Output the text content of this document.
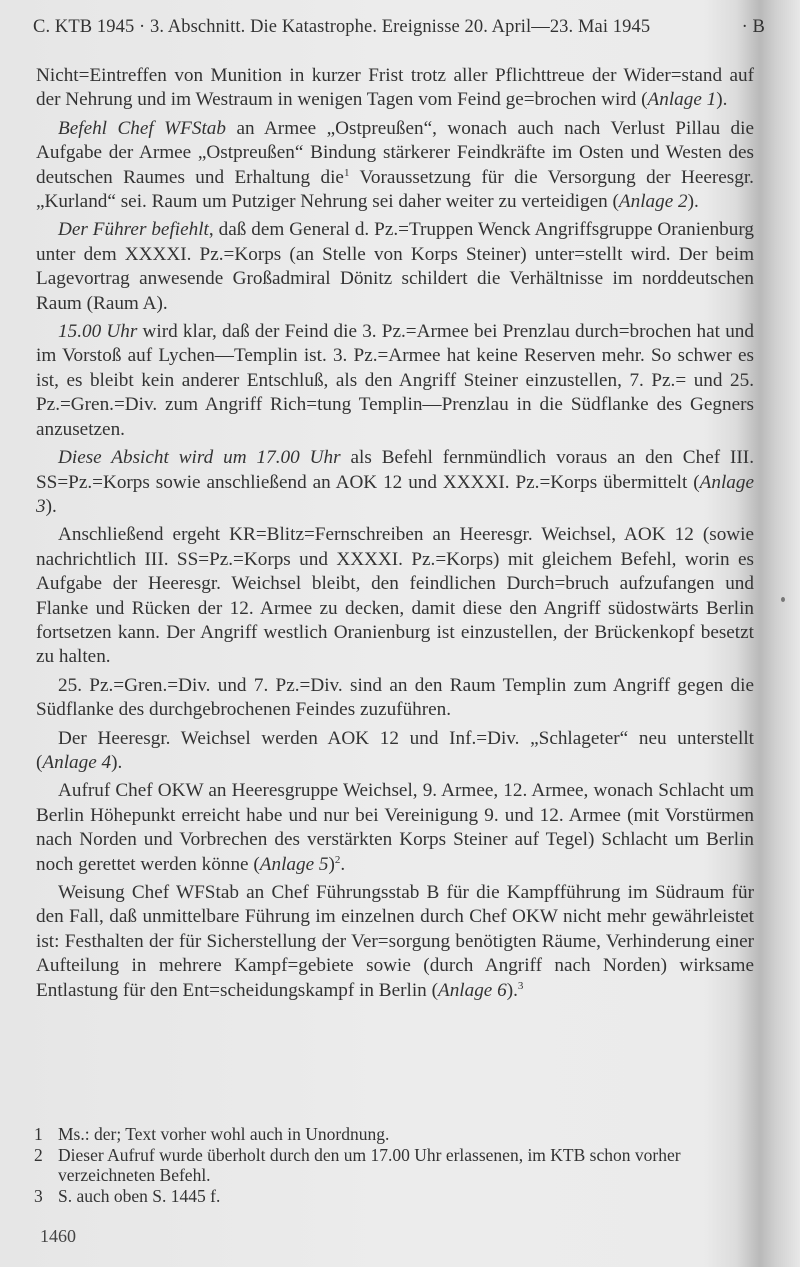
C. KTB 1945 · 3. Abschnitt. Die Katastrophe. Ereignisse 20. April—23. Mai 1945	· B

Nicht=Eintreffen von Munition in kurzer Frist trotz aller Pflichttreue der Wider=stand auf der Nehrung und im Westraum in wenigen Tagen vom Feind ge=brochen wird (Anlage 1).

Befehl Chef WFStab an Armee „Ostpreußen“, wonach auch nach Verlust Pillau die Aufgabe der Armee „Ostpreußen“ Bindung stärkerer Feindkräfte im Osten und Westen des deutschen Raumes und Erhaltung die$^1$ Voraussetzung für die Versorgung der Heeresgr. „Kurland“ sei. Raum um Putziger Nehrung sei daher weiter zu verteidigen (Anlage 2).

Der Führer befiehlt, daß dem General d. Pz.=Truppen Wenck Angriffsgruppe Oranienburg unter dem XXXXI. Pz.=Korps (an Stelle von Korps Steiner) unter=stellt wird. Der beim Lagevortrag anwesende Großadmiral Dönitz schildert die Verhältnisse im norddeutschen Raum (Raum A).

15.00 Uhr wird klar, daß der Feind die 3. Pz.=Armee bei Prenzlau durch=brochen hat und im Vorstoß auf Lychen—Templin ist. 3. Pz.=Armee hat keine Reserven mehr. So schwer es ist, es bleibt kein anderer Entschluß, als den Angriff Steiner einzustellen, 7. Pz.= und 25. Pz.=Gren.=Div. zum Angriff Rich=tung Templin—Prenzlau in die Südflanke des Gegners anzusetzen.

Diese Absicht wird um 17.00 Uhr als Befehl fernmündlich voraus an den Chef III. SS=Pz.=Korps sowie anschließend an AOK 12 und XXXXI. Pz.=Korps übermittelt (Anlage 3).

Anschließend ergeht KR=Blitz=Fernschreiben an Heeresgr. Weichsel, AOK 12 (sowie nachrichtlich III. SS=Pz.=Korps und XXXXI. Pz.=Korps) mit gleichem Befehl, worin es Aufgabe der Heeresgr. Weichsel bleibt, den feindlichen Durch=bruch aufzufangen und Flanke und Rücken der 12. Armee zu decken, damit diese den Angriff südostwärts Berlin fortsetzen kann. Der Angriff westlich Oranienburg ist einzustellen, der Brückenkopf besetzt zu halten.

25. Pz.=Gren.=Div. und 7. Pz.=Div. sind an den Raum Templin zum Angriff gegen die Südflanke des durchgebrochenen Feindes zuzuführen.

Der Heeresgr. Weichsel werden AOK 12 und Inf.=Div. „Schlageter“ neu unterstellt (Anlage 4).

Aufruf Chef OKW an Heeresgruppe Weichsel, 9. Armee, 12. Armee, wonach Schlacht um Berlin Höhepunkt erreicht habe und nur bei Vereinigung 9. und 12. Armee (mit Vorstürmen nach Norden und Vorbrechen des verstärkten Korps Steiner auf Tegel) Schlacht um Berlin noch gerettet werden könne (Anlage 5)$^2$.

Weisung Chef WFStab an Chef Führungsstab B für die Kampfführung im Südraum für den Fall, daß unmittelbare Führung im einzelnen durch Chef OKW nicht mehr gewährleistet ist: Festhalten der für Sicherstellung der Ver=sorgung benötigten Räume, Verhinderung einer Aufteilung in mehrere Kampf=gebiete sowie (durch Angriff nach Norden) wirksame Entlastung für den Ent=scheidungskampf in Berlin (Anlage 6).$^3$

1 Ms.: der; Text vorher wohl auch in Unordnung.
2 Dieser Aufruf wurde überholt durch den um 17.00 Uhr erlassenen, im KTB schon vorher verzeichneten Befehl.
3 S. auch oben S. 1445 f.
1460
